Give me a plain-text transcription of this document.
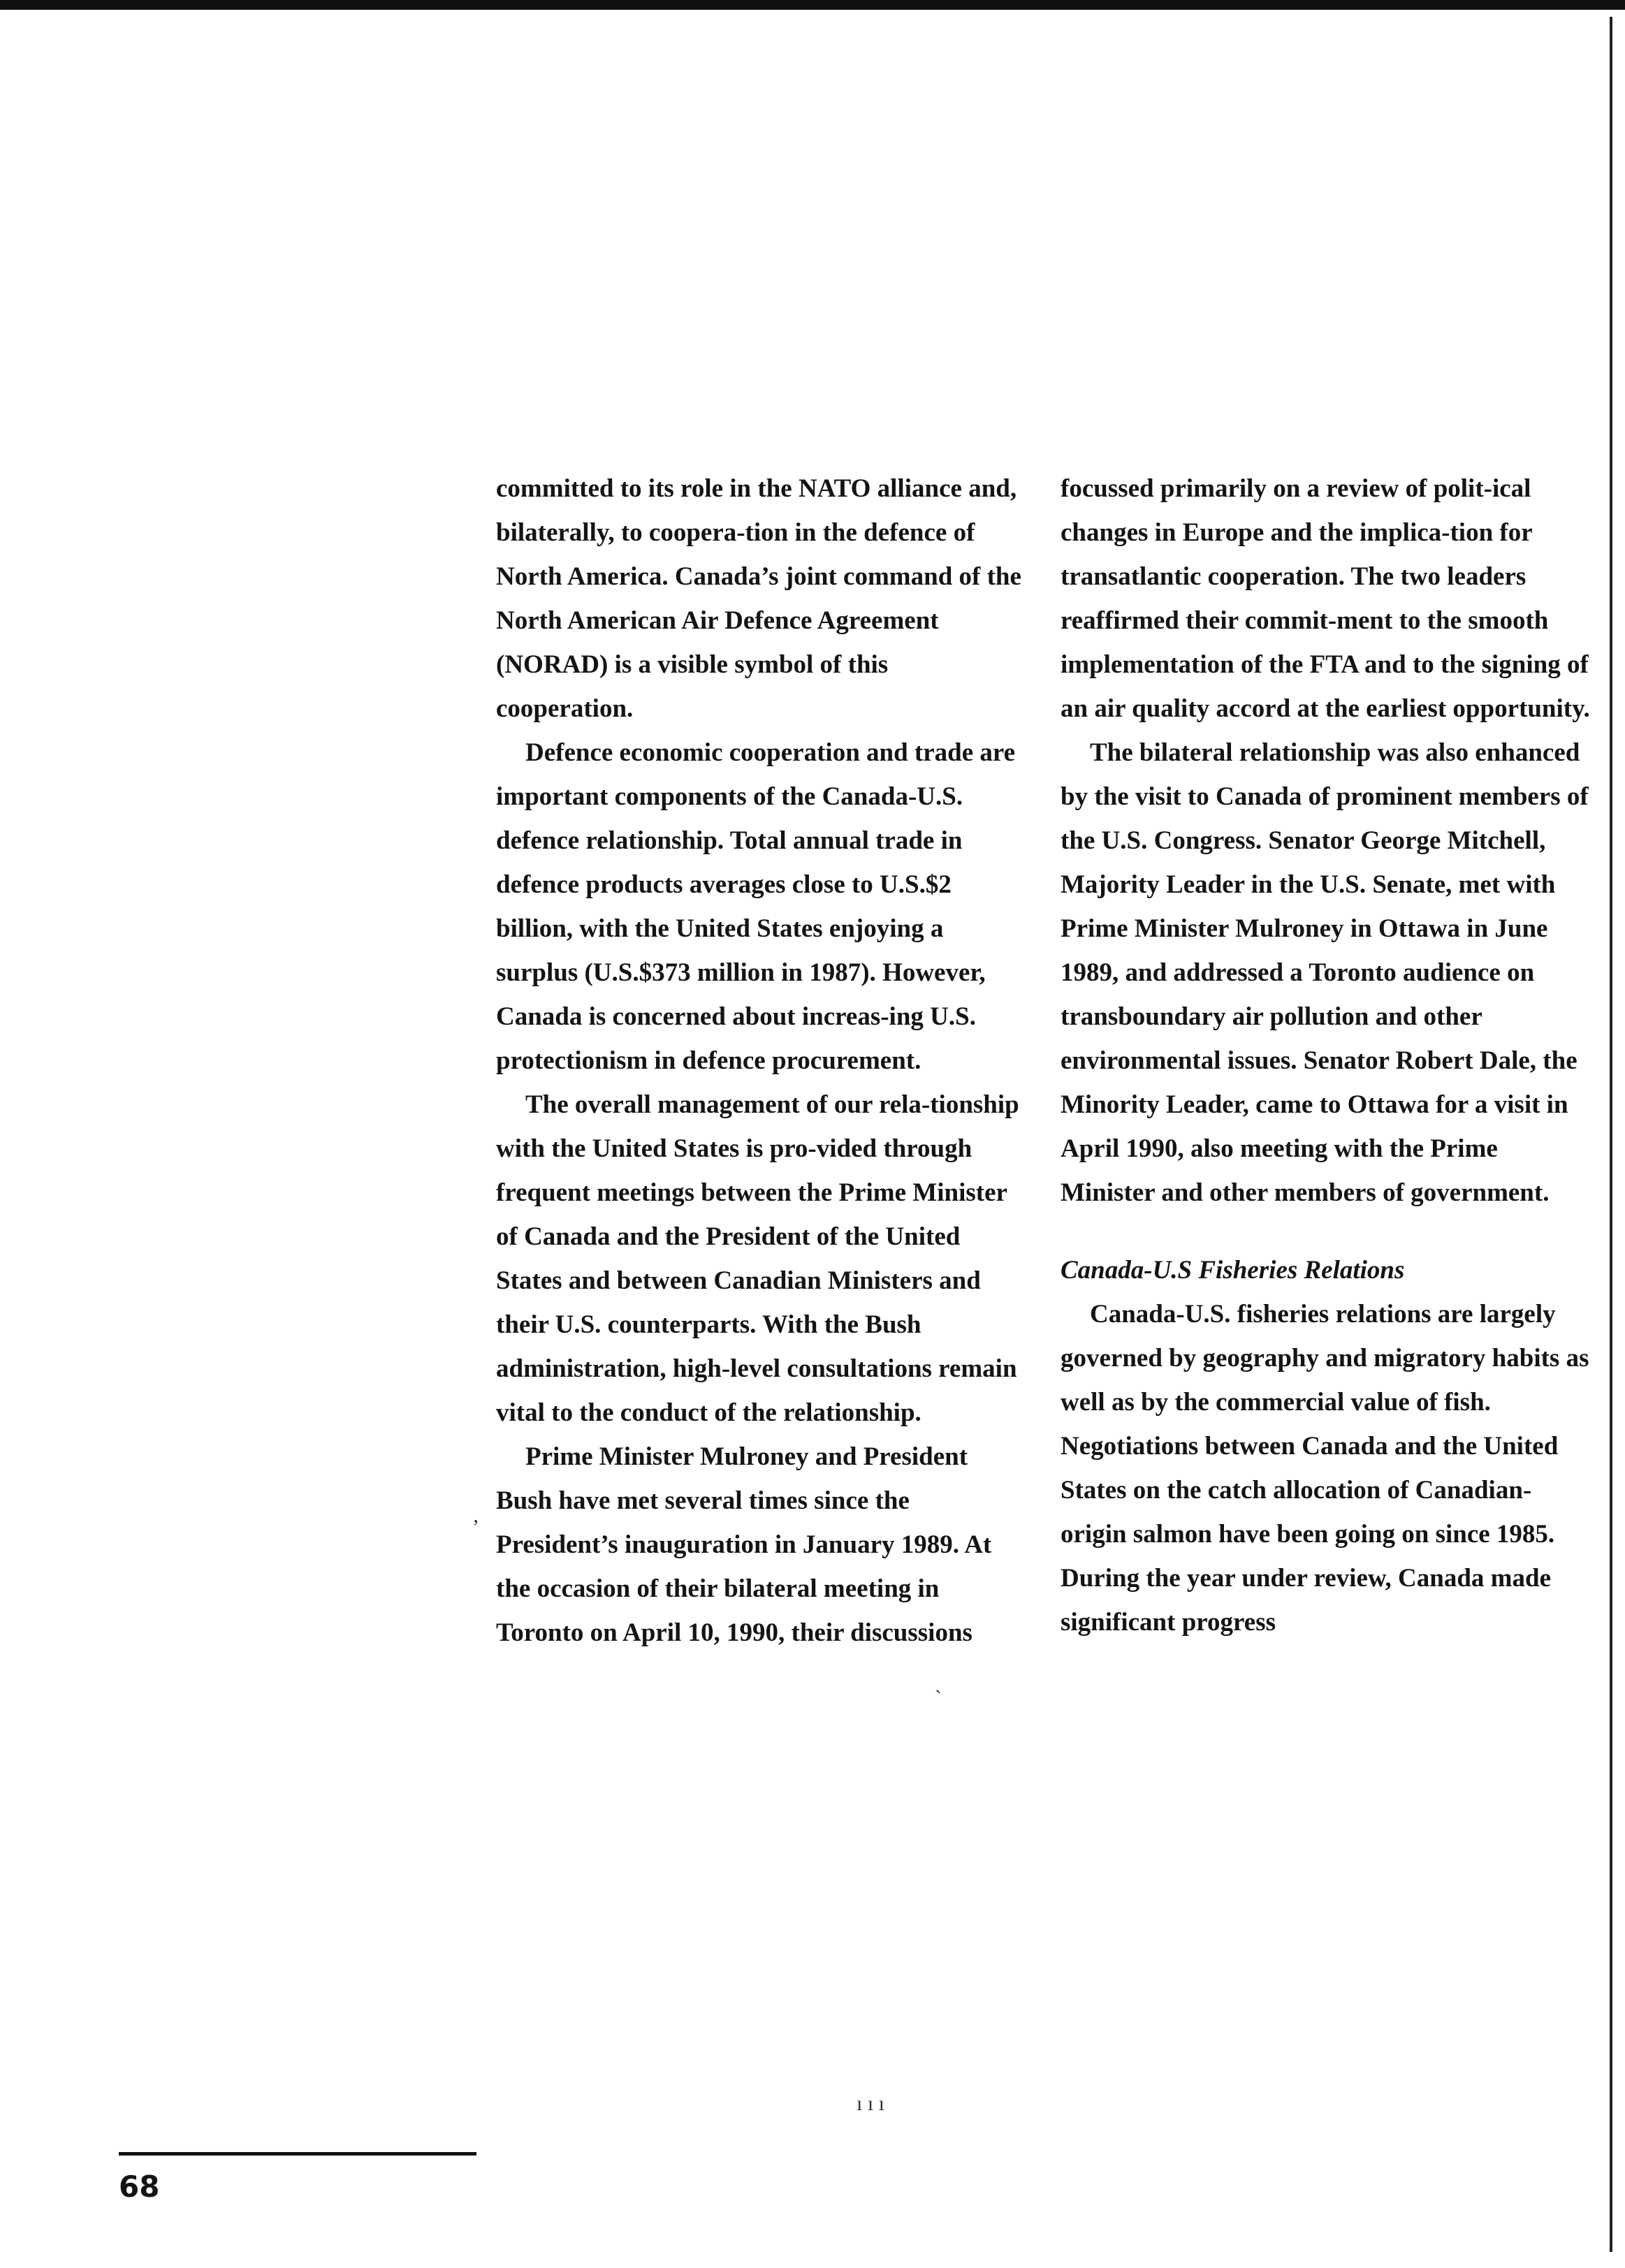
committed to its role in the NATO alliance and, bilaterally, to coopera-tion in the defence of North America. Canada’s joint command of the North American Air Defence Agreement (NORAD) is a visible symbol of this cooperation.

Defence economic cooperation and trade are important components of the Canada-U.S. defence relationship. Total annual trade in defence products averages close to U.S.$2 billion, with the United States enjoying a surplus (U.S.$373 million in 1987). However, Canada is concerned about increas-ing U.S. protectionism in defence procurement.

The overall management of our rela-tionship with the United States is pro-vided through frequent meetings between the Prime Minister of Canada and the President of the United States and between Canadian Ministers and their U.S. counterparts. With the Bush administration, high-level consultations remain vital to the conduct of the relationship.

Prime Minister Mulroney and President Bush have met several times since the President’s inauguration in January 1989. At the occasion of their bilateral meeting in Toronto on April 10, 1990, their discussions

focussed primarily on a review of polit-ical changes in Europe and the implica-tion for transatlantic cooperation. The two leaders reaffirmed their commit-ment to the smooth implementation of the FTA and to the signing of an air quality accord at the earliest opportunity.

The bilateral relationship was also enhanced by the visit to Canada of prominent members of the U.S. Congress. Senator George Mitchell, Majority Leader in the U.S. Senate, met with Prime Minister Mulroney in Ottawa in June 1989, and addressed a Toronto audience on transboundary air pollution and other environmental issues. Senator Robert Dale, the Minority Leader, came to Ottawa for a visit in April 1990, also meeting with the Prime Minister and other members of government.

Canada-U.S Fisheries Relations

Canada-U.S. fisheries relations are largely governed by geography and migratory habits as well as by the commercial value of fish. Negotiations between Canada and the United States on the catch allocation of Canadian-origin salmon have been going on since 1985. During the year under review, Canada made significant progress

ʼ
ˏ
ı ı ı
68
